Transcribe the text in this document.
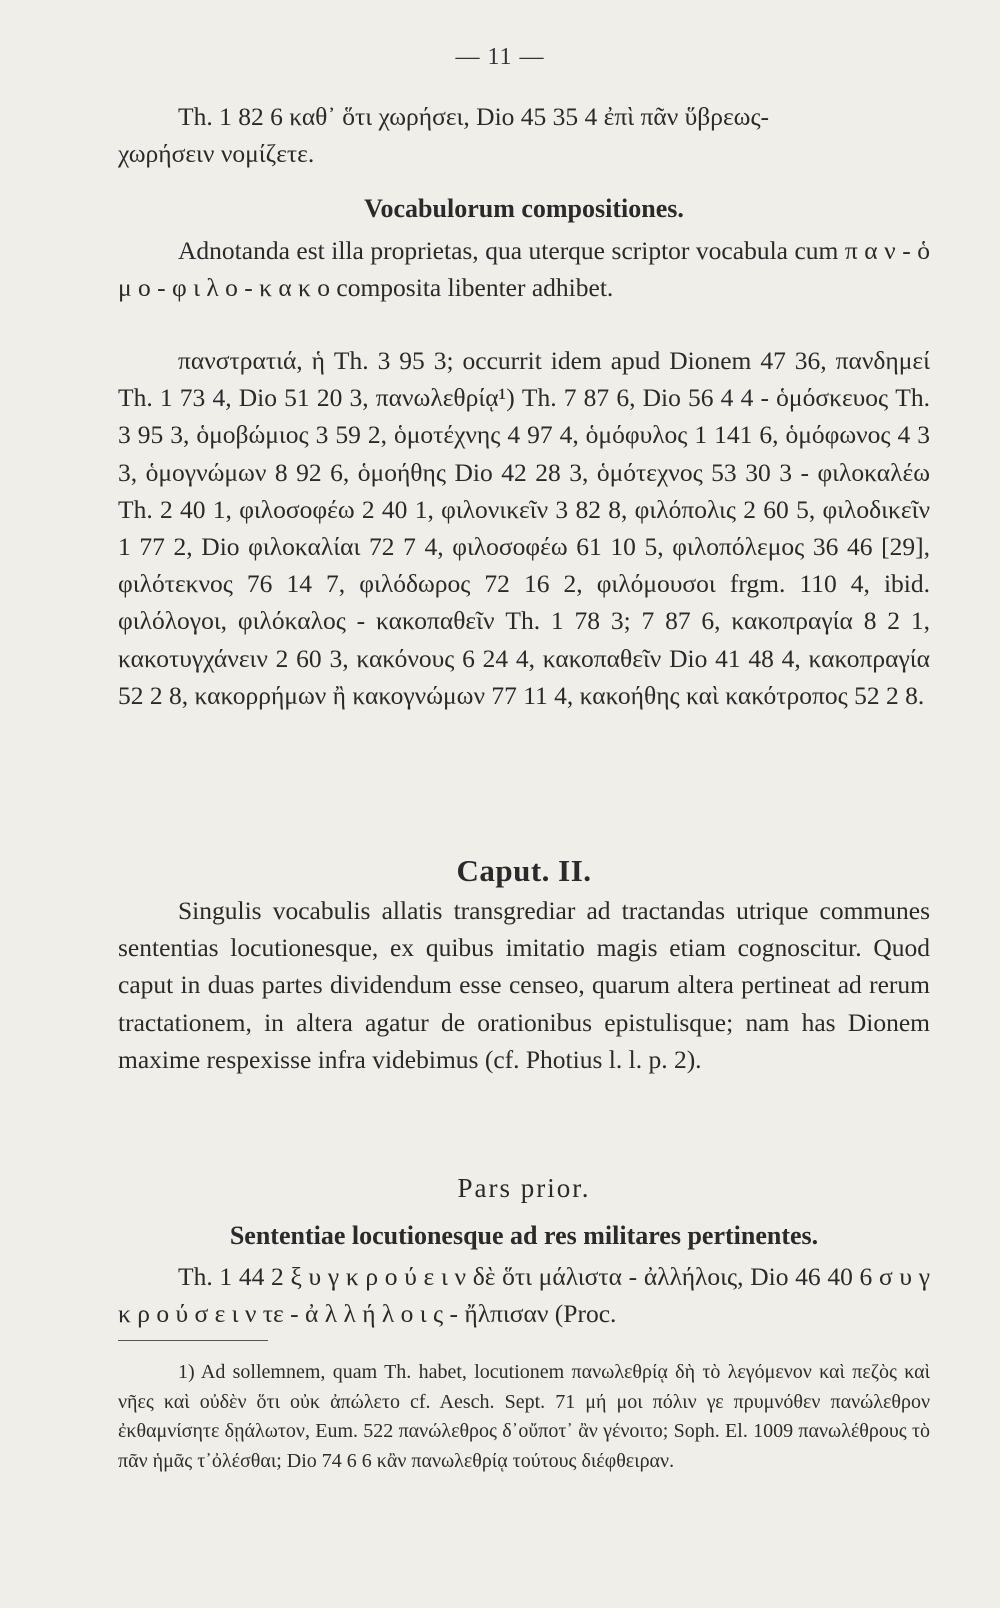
— 11 —

Th. 1 82 6 καθ᾽ ὅτι χωρήσει, Dio 45 35 4 ἐπὶ πᾶν ὕβρεως-

χωρήσειν νομίζετε.

Vocabulorum compositiones.

Adnotanda est illa proprietas, qua uterque scriptor vocabula cum π α ν - ὁ μ ο - φ ι λ ο - κ α κ ο composita libenter adhibet.

πανστρατιά, ἡ Th. 3 95 3; occurrit idem apud Dionem 47 36, πανδημεί Th. 1 73 4, Dio 51 20 3, πανωλεθρίᾳ¹) Th. 7 87 6, Dio 56 4 4 - ὁμόσκευος Th. 3 95 3, ὁμοβώμιος 3 59 2, ὁμοτέχνης 4 97 4, ὁμόφυλος 1 141 6, ὁμόφωνος 4 3 3, ὁμογνώμων 8 92 6, ὁμοήθης Dio 42 28 3, ὁμότεχνος 53 30 3 - φιλοκαλέω Th. 2 40 1, φιλοσοφέω 2 40 1, φιλονικεῖν 3 82 8, φιλόπολις 2 60 5, φιλοδικεῖν 1 77 2, Dio φιλοκαλίαι 72 7 4, φιλοσοφέω 61 10 5, φιλοπόλεμος 36 46 [29], φιλότεκνος 76 14 7, φιλόδωρος 72 16 2, φιλόμουσοι frgm. 110 4, ibid. φιλόλογοι, φιλόκαλος - κακοπαθεῖν Th. 1 78 3; 7 87 6, κακοπραγία 8 2 1, κακοτυγχάνειν 2 60 3, κακόνους 6 24 4, κακοπαθεῖν Dio 41 48 4, κακοπραγία 52 2 8, κακορρήμων ἢ κακογνώμων 77 11 4, κακοήθης καὶ κακότροπος 52 2 8.

Caput. II.

Singulis vocabulis allatis transgrediar ad tractandas utrique communes sententias locutionesque, ex quibus imitatio magis etiam cognoscitur. Quod caput in duas partes dividendum esse censeo, quarum altera pertineat ad rerum tractationem, in altera agatur de orationibus epistulisque; nam has Dionem maxime respexisse infra videbimus (cf. Photius l. l. p. 2).

Pars prior.
Sententiae locutionesque ad res militares pertinentes.

Th. 1 44 2 ξ υ γ κ ρ ο ύ ε ι ν δὲ ὅτι μάλιστα - ἀλλήλοις, Dio 46 40 6 σ υ γ κ ρ ο ύ σ ε ι ν τε - ἀ λ λ ή λ ο ι ς - ἤλπισαν (Proc.

1) Ad sollemnem, quam Th. habet, locutionem πανωλεθρίᾳ δὴ τὸ λεγόμενον καὶ πεζὸς καὶ νῆες καὶ οὐδὲν ὅτι οὐκ ἀπώλετο cf. Aesch. Sept. 71 μή μοι πόλιν γε πρυμνόθεν πανώλεθρον ἐκθαμνίσητε δῃάλωτον, Eum. 522 πανώλεθρος δ᾽οὔποτ᾽ ἂν γένοιτο; Soph. El. 1009 πανωλέθρους τὸ πᾶν ἡμᾶς τ᾽ὀλέσθαι; Dio 74 6 6 κἂν πανωλεθρίᾳ τούτους διέφθειραν.
